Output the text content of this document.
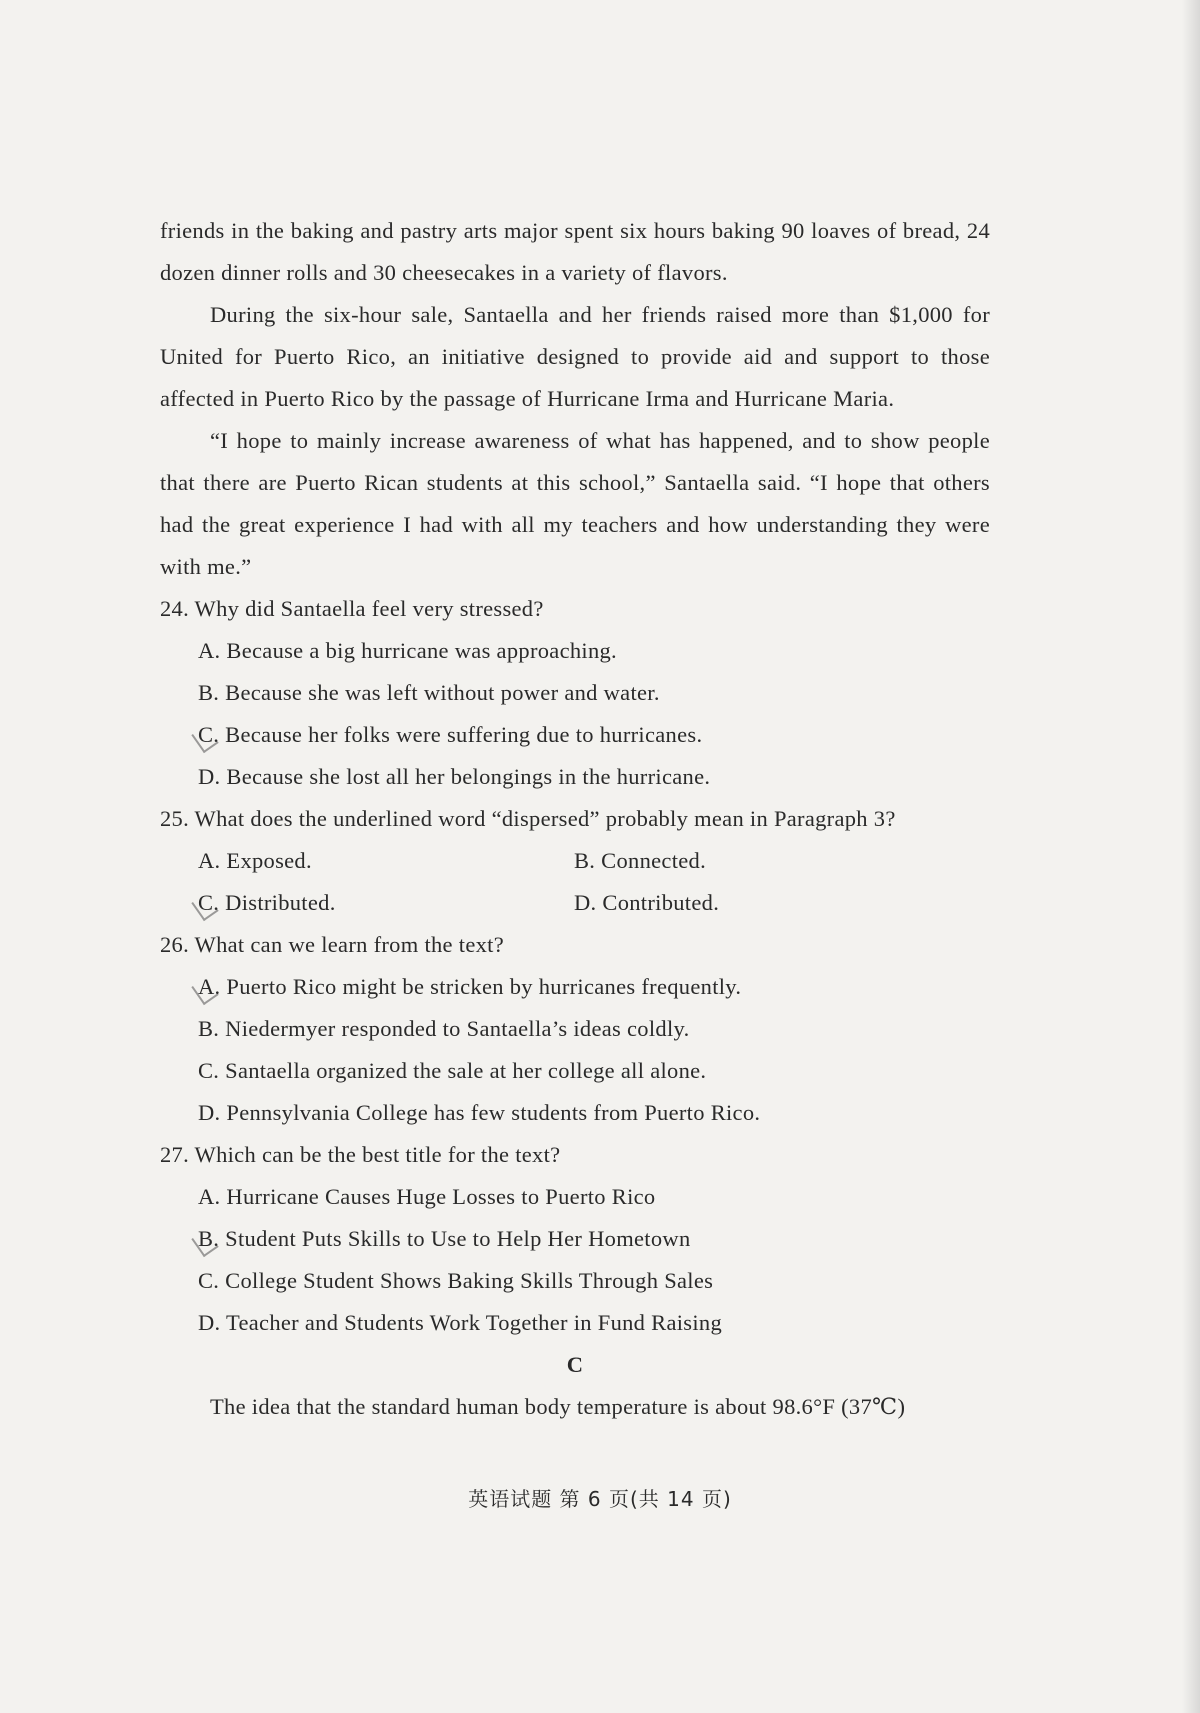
friends in the baking and pastry arts major spent six hours baking 90 loaves of bread, 24 dozen dinner rolls and 30 cheesecakes in a variety of flavors.

During the six-hour sale, Santaella and her friends raised more than $1,000 for United for Puerto Rico, an initiative designed to provide aid and support to those affected in Puerto Rico by the passage of Hurricane Irma and Hurricane Maria.

“I hope to mainly increase awareness of what has happened, and to show people that there are Puerto Rican students at this school,” Santaella said. “I hope that others had the great experience I had with all my teachers and how understanding they were with me.”

24. Why did Santaella feel very stressed?

A. Because a big hurricane was approaching.

B. Because she was left without power and water.

C. Because her folks were suffering due to hurricanes.

D. Because she lost all her belongings in the hurricane.

25. What does the underlined word “dispersed” probably mean in Paragraph 3?

A. Exposed.	B. Connected.
C. Distributed.	D. Contributed.

26. What can we learn from the text?

A. Puerto Rico might be stricken by hurricanes frequently.

B. Niedermyer responded to Santaella’s ideas coldly.

C. Santaella organized the sale at her college all alone.

D. Pennsylvania College has few students from Puerto Rico.

27. Which can be the best title for the text?

A. Hurricane Causes Huge Losses to Puerto Rico

B. Student Puts Skills to Use to Help Her Hometown

C. College Student Shows Baking Skills Through Sales

D. Teacher and Students Work Together in Fund Raising

C

The idea that the standard human body temperature is about 98.6°F (37℃)

英语试题 第 6 页(共 14 页)
